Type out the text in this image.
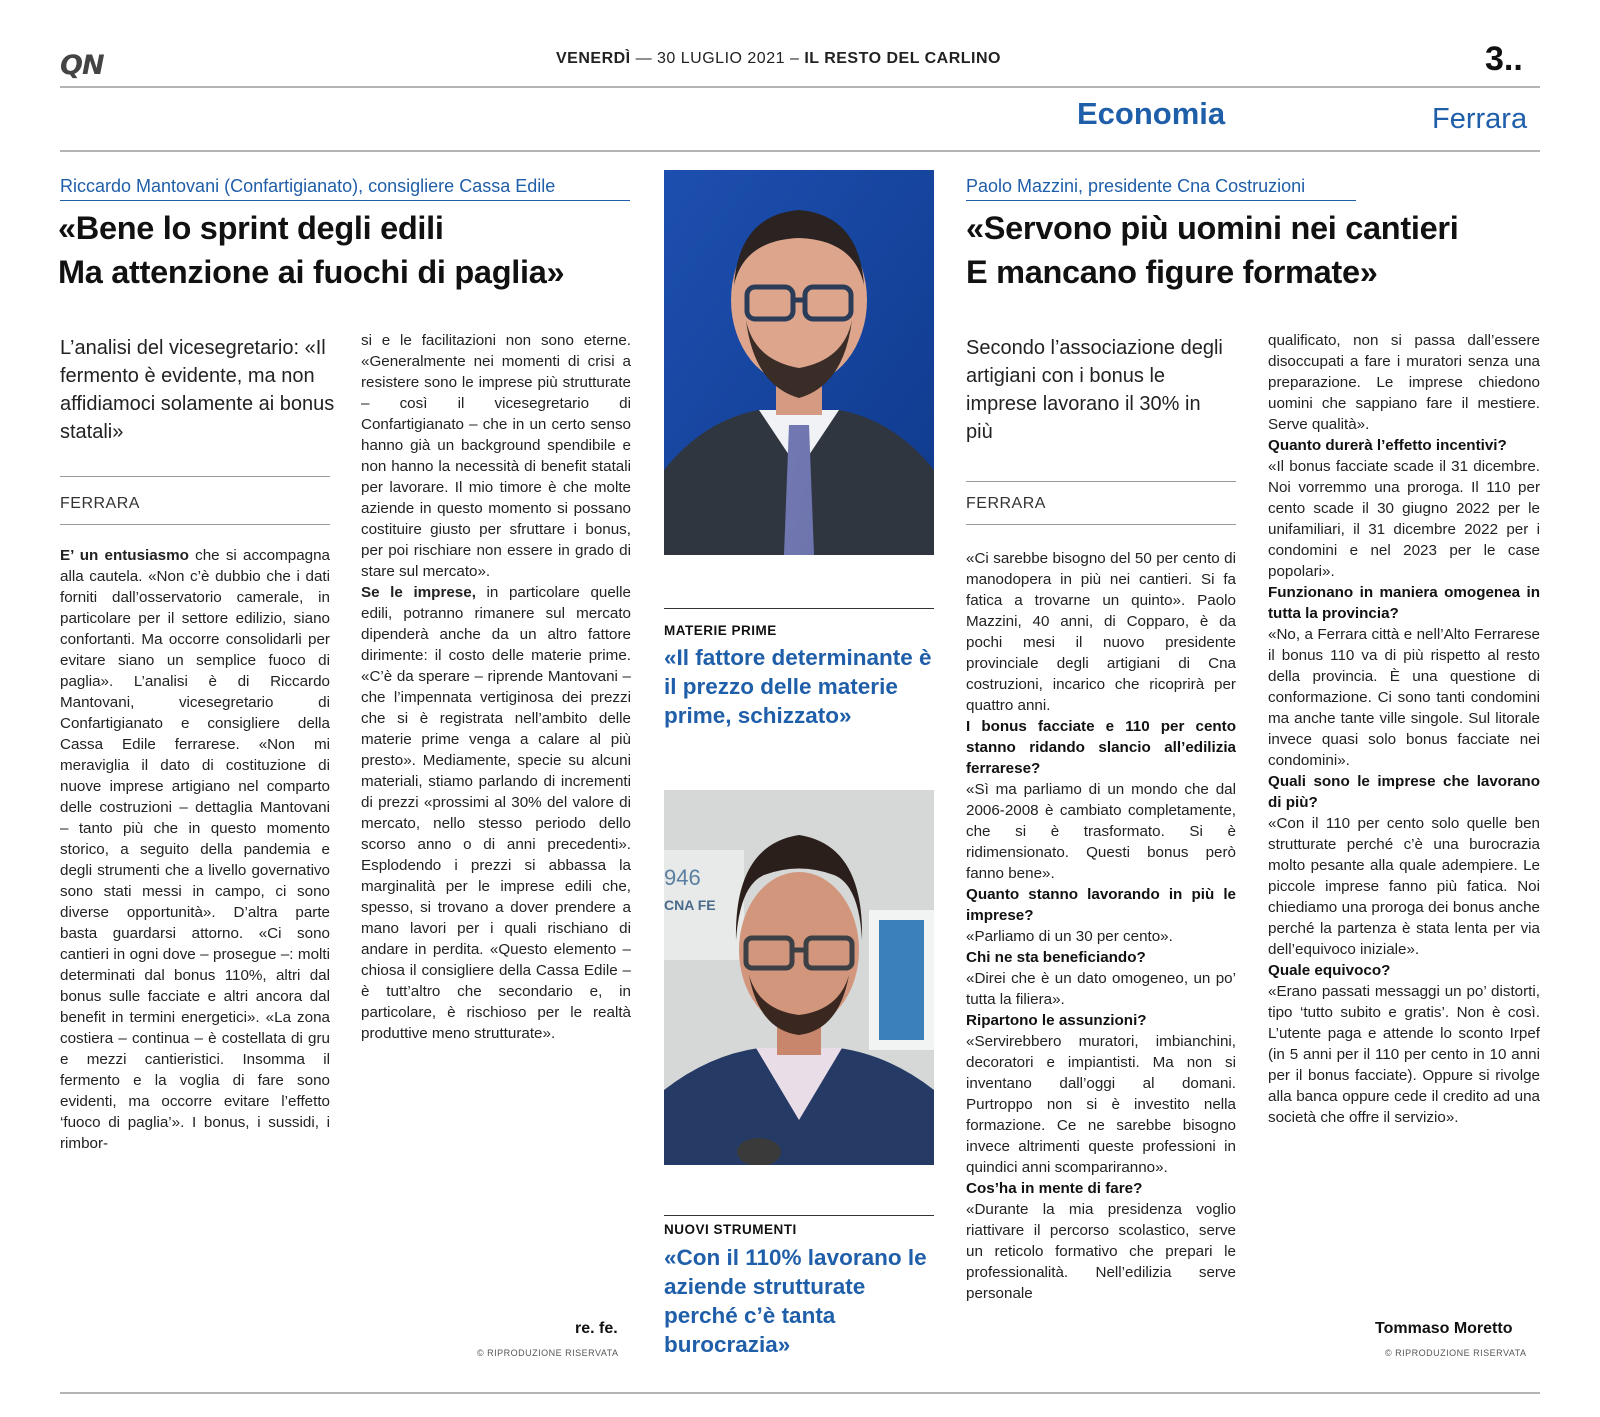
QN	VENERDÌ — 30 LUGLIO 2021 – IL RESTO DEL CARLINO	3..
Economia	Ferrara
Riccardo Mantovani (Confartigianato), consigliere Cassa Edile
«Bene lo sprint degli edili
Ma attenzione ai fuochi di paglia»
L’analisi del vicesegretario: «Il fermento è evidente, ma non affidiamoci solamente ai bonus statali»
FERRARA

E’ un entusiasmo che si accompagna alla cautela. «Non c’è dubbio che i dati forniti dall’osservatorio camerale, in particolare per il settore edilizio, siano confortanti. Ma occorre consolidarli per evitare siano un semplice fuoco di paglia». L’analisi è di Riccardo Mantovani, vicesegretario di Confartigianato e consigliere della Cassa Edile ferrarese. «Non mi meraviglia il dato di costituzione di nuove imprese artigiano nel comparto delle costruzioni – dettaglia Mantovani – tanto più che in questo momento storico, a seguito della pandemia e degli strumenti che a livello governativo sono stati messi in campo, ci sono diverse opportunità». D’altra parte basta guardarsi attorno. «Ci sono cantieri in ogni dove – prosegue –: molti determinati dal bonus 110%, altri dal bonus sulle facciate e altri ancora dal benefit in termini energetici». «La zona costiera – continua – è costellata di gru e mezzi cantieristici. Insomma il fermento e la voglia di fare sono evidenti, ma occorre evitare l’effetto ‘fuoco di paglia’». I bonus, i sussidi, i rimbor-

si e le facilitazioni non sono eterne. «Generalmente nei momenti di crisi a resistere sono le imprese più strutturate – così il vicesegretario di Confartigianato – che in un certo senso hanno già un background spendibile e non hanno la necessità di benefit statali per lavorare. Il mio timore è che molte aziende in questo momento si possano costituire giusto per sfruttare i bonus, per poi rischiare non essere in grado di stare sul mercato».

Se le imprese, in particolare quelle edili, potranno rimanere sul mercato dipenderà anche da un altro fattore dirimente: il costo delle materie prime. «C’è da sperare – riprende Mantovani – che l’impennata vertiginosa dei prezzi che si è registrata nell’ambito delle materie prime venga a calare al più presto». Mediamente, specie su alcuni materiali, stiamo parlando di incrementi di prezzi «prossimi al 30% del valore di mercato, nello stesso periodo dello scorso anno o di anni precedenti». Esplodendo i prezzi si abbassa la marginalità per le imprese edili che, spesso, si trovano a dover prendere a mano lavori per i quali rischiano di andare in perdita. «Questo elemento – chiosa il consigliere della Cassa Edile – è tutt’altro che secondario e, in particolare, è rischioso per le realtà produttive meno strutturate».

re. fe.
© RIPRODUZIONE RISERVATA
MATERIE PRIME
«Il fattore determinante è il prezzo delle materie prime, schizzato»
946
CNA FE
NUOVI STRUMENTI
«Con il 110% lavorano le aziende strutturate perché c’è tanta burocrazia»
Paolo Mazzini, presidente Cna Costruzioni
«Servono più uomini nei cantieri
E mancano figure formate»
Secondo l’associazione degli artigiani con i bonus le imprese lavorano il 30% in più
FERRARA

«Ci sarebbe bisogno del 50 per cento di manodopera in più nei cantieri. Si fa fatica a trovarne un quinto». Paolo Mazzini, 40 anni, di Copparo, è da pochi mesi il nuovo presidente provinciale degli artigiani di Cna costruzioni, incarico che ricoprirà per quattro anni.

I bonus facciate e 110 per cento stanno ridando slancio all’edilizia ferrarese?

«Sì ma parliamo di un mondo che dal 2006-2008 è cambiato completamente, che si è trasformato. Si è ridimensionato. Questi bonus però fanno bene».

Quanto stanno lavorando in più le imprese?

«Parliamo di un 30 per cento».

Chi ne sta beneficiando?

«Direi che è un dato omogeneo, un po’ tutta la filiera».

Ripartono le assunzioni?

«Servirebbero muratori, imbianchini, decoratori e impiantisti. Ma non si inventano dall’oggi al domani. Purtroppo non si è investito nella formazione. Ce ne sarebbe bisogno invece altrimenti queste professioni in quindici anni scompariranno».

Cos’ha in mente di fare?

«Durante la mia presidenza voglio riattivare il percorso scolastico, serve un reticolo formativo che prepari le professionalità. Nell’edilizia serve personale

qualificato, non si passa dall’essere disoccupati a fare i muratori senza una preparazione. Le imprese chiedono uomini che sappiano fare il mestiere. Serve qualità».

Quanto durerà l’effetto incentivi?

«Il bonus facciate scade il 31 dicembre. Noi vorremmo una proroga. Il 110 per cento scade il 30 giugno 2022 per le unifamiliari, il 31 dicembre 2022 per i condomini e nel 2023 per le case popolari».

Funzionano in maniera omogenea in tutta la provincia?

«No, a Ferrara città e nell’Alto Ferrarese il bonus 110 va di più rispetto al resto della provincia. È una questione di conformazione. Ci sono tanti condomini ma anche tante ville singole. Sul litorale invece quasi solo bonus facciate nei condomini».

Quali sono le imprese che lavorano di più?

«Con il 110 per cento solo quelle ben strutturate perché c’è una burocrazia molto pesante alla quale adempiere. Le piccole imprese fanno più fatica. Noi chiediamo una proroga dei bonus anche perché la partenza è stata lenta per via dell’equivoco iniziale».

Quale equivoco?

«Erano passati messaggi un po’ distorti, tipo ‘tutto subito e gratis’. Non è così. L’utente paga e attende lo sconto Irpef (in 5 anni per il 110 per cento in 10 anni per il bonus facciate). Oppure si rivolge alla banca oppure cede il credito ad una società che offre il servizio».

Tommaso Moretto
© RIPRODUZIONE RISERVATA
